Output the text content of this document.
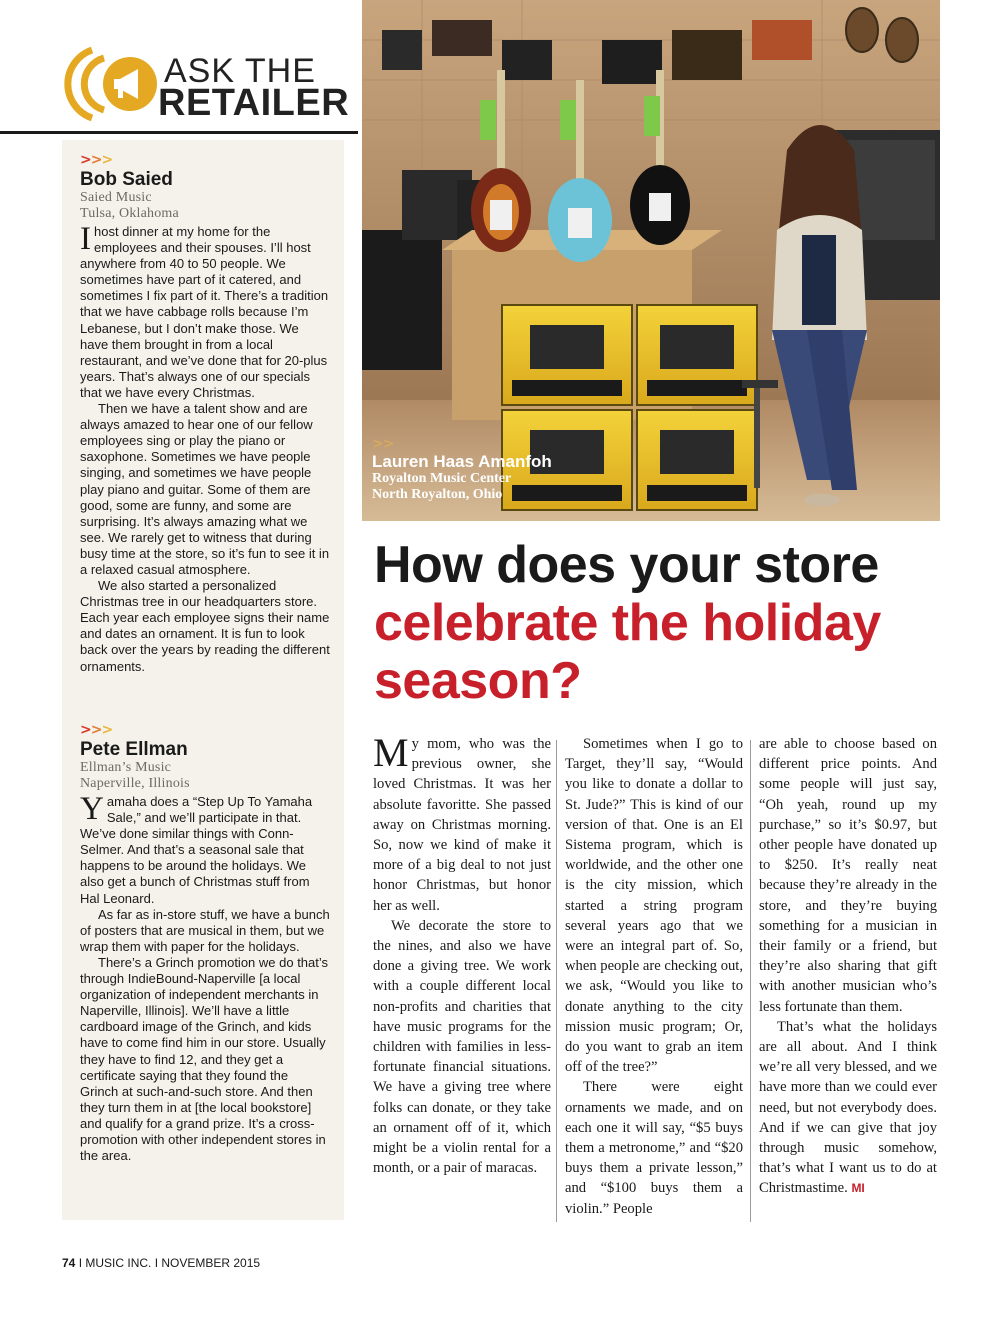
ASK THE
RETAILER
>>>
Bob Saied
Saied Music
Tulsa, Oklahoma

Ihost dinner at my home for the employees and their spouses. I’ll host anywhere from 40 to 50 people. We sometimes have part of it catered, and sometimes I fix part of it. There’s a tradition that we have cabbage rolls because I’m Lebanese, but I don’t make those. We have them brought in from a local restaurant, and we’ve done that for 20-plus years. That’s always one of our specials that we have every Christmas.

Then we have a talent show and are always amazed to hear one of our fellow employees sing or play the piano or saxophone. Sometimes we have people singing, and sometimes we have people play piano and guitar. Some of them are good, some are funny, and some are surprising. It’s always amazing what we see. We rarely get to witness that during busy time at the store, so it’s fun to see it in a relaxed casual atmosphere.

We also started a personalized Christmas tree in our headquarters store. Each year each employee signs their name and dates an ornament. It is fun to look back over the years by reading the different ornaments.

>>>
Pete Ellman
Ellman’s Music
Naperville, Illinois

Yamaha does a “Step Up To Yamaha Sale,” and we’ll participate in that. We’ve done similar things with Conn-Selmer. And that’s a seasonal sale that happens to be around the holidays. We also get a bunch of Christmas stuff from Hal Leonard.

As far as in-store stuff, we have a bunch of posters that are musical in them, but we wrap them with paper for the holidays.

There’s a Grinch promotion we do that’s through IndieBound-Naperville [a local organization of independent merchants in Naperville, Illinois]. We’ll have a little cardboard image of the Grinch, and kids have to come find him in our store. Usually they have to find 12, and they get a certificate saying that they found the Grinch at such-and-such store. And then they turn them in at [the local bookstore] and qualify for a grand prize. It’s a cross-promotion with other independent stores in the area.

>>
Lauren Haas Amanfoh
Royalton Music Center
North Royalton, Ohio
How does your store celebrate the holiday season?

My mom, who was the previous owner, she loved Christmas. It was her absolute favoritte. She passed away on Christmas morning. So, now we kind of make it more of a big deal to not just honor Christmas, but honor her as well.

We decorate the store to the nines, and also we have done a giving tree. We work with a couple different local non-profits and charities that have music programs for the children with families in less-fortunate financial situations. We have a giving tree where folks can donate, or they take an ornament off of it, which might be a violin rental for a month, or a pair of maracas.

Sometimes when I go to Target, they’ll say, “Would you like to donate a dollar to St. Jude?” This is kind of our version of that. One is an El Sistema program, which is worldwide, and the other one is the city mission, which started a string program several years ago that we were an integral part of. So, when people are checking out, we ask, “Would you like to donate anything to the city mission music program; Or, do you want to grab an item off of the tree?”

There were eight ornaments we made, and on each one it will say, “$5 buys them a metronome,” and “$20 buys them a private lesson,” and “$100 buys them a violin.” People

are able to choose based on different price points. And some people will just say, “Oh yeah, round up my purchase,” so it’s $0.97, but other people have donated up to $250. It’s really neat because they’re already in the store, and they’re buying something for a musician in their family or a friend, but they’re also sharing that gift with another musician who’s less fortunate than them.

That’s what the holidays are all about. And I think we’re all very blessed, and we have more than we could ever need, but not everybody does. And if we can give that joy through music somehow, that’s what I want us to do at Christmastime. MI

74 I MUSIC INC. I NOVEMBER 2015
